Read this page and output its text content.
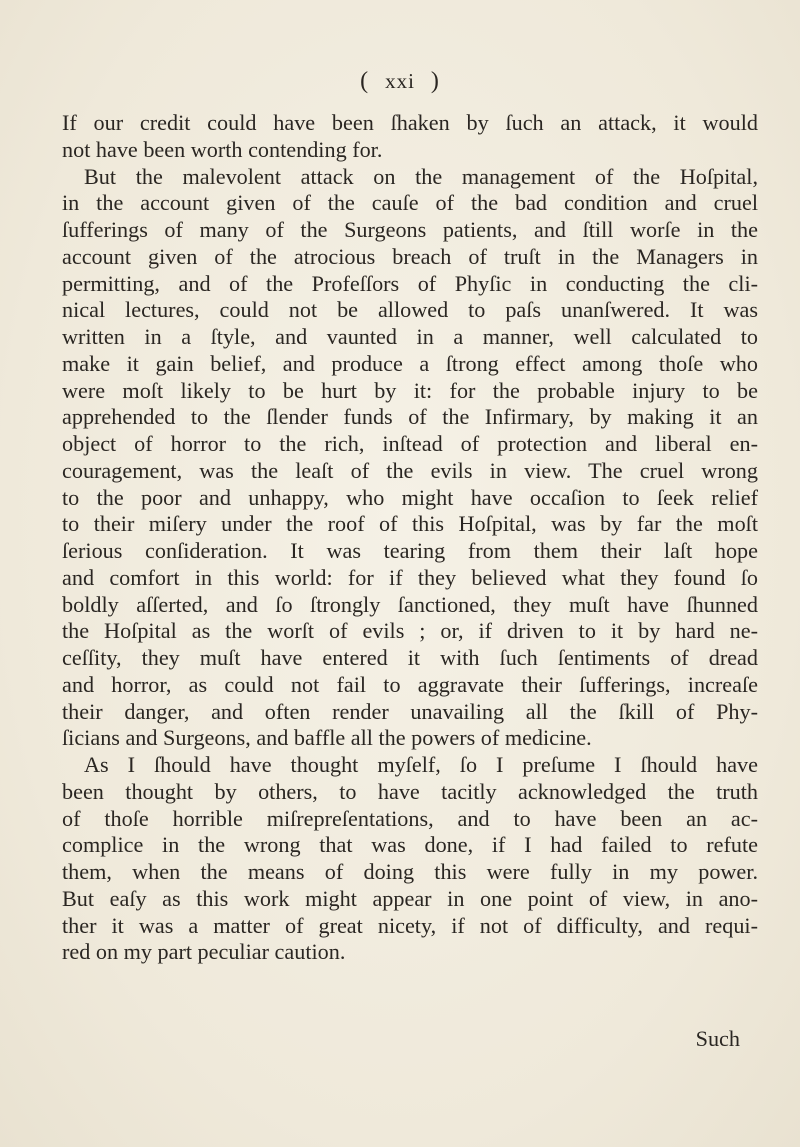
( xxi )
If our credit could have been ſhaken by ſuch an attack, it would
not have been worth contending for.
But the malevolent attack on the management of the Hoſpital,
in the account given of the cauſe of the bad condition and cruel
ſufferings of many of the Surgeons patients, and ſtill worſe in the
account given of the atrocious breach of truſt in the Managers in
permitting, and of the Profeſſors of Phyſic in conducting the cli-
nical lectures, could not be allowed to paſs unanſwered. It was
written in a ſtyle, and vaunted in a manner, well calculated to
make it gain belief, and produce a ſtrong effect among thoſe who
were moſt likely to be hurt by it: for the probable injury to be
apprehended to the ſlender funds of the Infirmary, by making it an
object of horror to the rich, inſtead of protection and liberal en-
couragement, was the leaſt of the evils in view. The cruel wrong
to the poor and unhappy, who might have occaſion to ſeek relief
to their miſery under the roof of this Hoſpital, was by far the moſt
ſerious conſideration. It was tearing from them their laſt hope
and comfort in this world: for if they believed what they found ſo
boldly aſſerted, and ſo ſtrongly ſanctioned, they muſt have ſhunned
the Hoſpital as the worſt of evils ; or, if driven to it by hard ne-
ceſſity, they muſt have entered it with ſuch ſentiments of dread
and horror, as could not fail to aggravate their ſufferings, increaſe
their danger, and often render unavailing all the ſkill of Phy-
ſicians and Surgeons, and baffle all the powers of medicine.
As I ſhould have thought myſelf, ſo I preſume I ſhould have
been thought by others, to have tacitly acknowledged the truth
of thoſe horrible miſrepreſentations, and to have been an ac-
complice in the wrong that was done, if I had failed to refute
them, when the means of doing this were fully in my power.
But eaſy as this work might appear in one point of view, in ano-
ther it was a matter of great nicety, if not of difficulty, and requi-
red on my part peculiar caution.
Such
